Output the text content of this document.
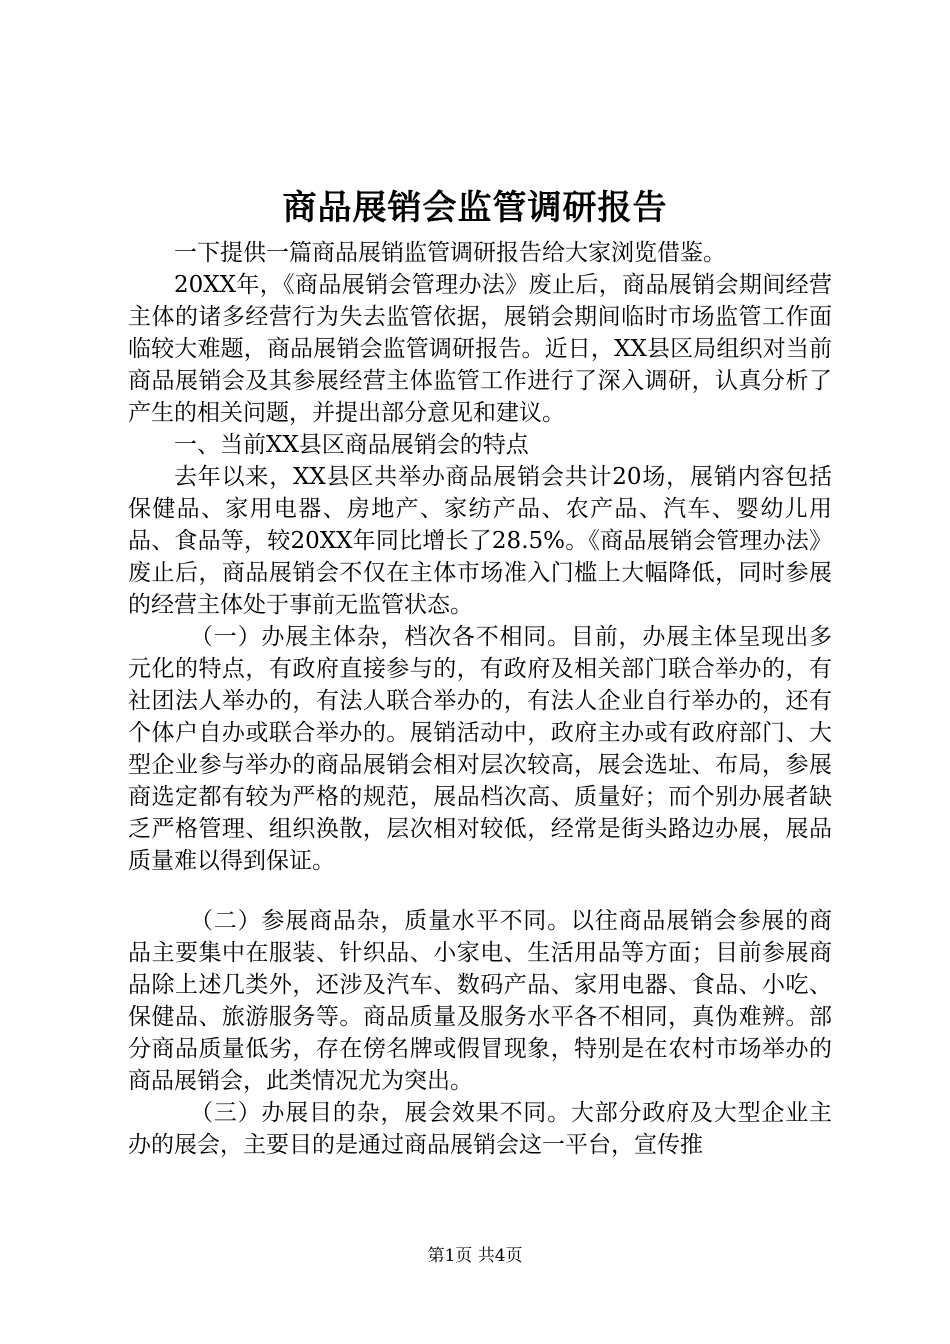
商品展销会监管调研报告

一下提供一篇商品展销监管调研报告给大家浏览借鉴。

20XX年，《商品展销会管理办法》废止后，商品展销会期间经营主体的诸多经营行为失去监管依据，展销会期间临时市场监管工作面临较大难题，商品展销会监管调研报告。近日，XX县区局组织对当前商品展销会及其参展经营主体监管工作进行了深入调研，认真分析了产生的相关问题，并提出部分意见和建议。

一、当前XX县区商品展销会的特点

去年以来，XX县区共举办商品展销会共计20场，展销内容包括保健品、家用电器、房地产、家纺产品、农产品、汽车、婴幼儿用品、食品等，较20XX年同比增长了28.5%。《商品展销会管理办法》废止后，商品展销会不仅在主体市场准入门槛上大幅降低，同时参展的经营主体处于事前无监管状态。

（一）办展主体杂，档次各不相同。目前，办展主体呈现出多元化的特点，有政府直接参与的，有政府及相关部门联合举办的，有社团法人举办的，有法人联合举办的，有法人企业自行举办的，还有个体户自办或联合举办的。展销活动中，政府主办或有政府部门、大型企业参与举办的商品展销会相对层次较高，展会选址、布局，参展商选定都有较为严格的规范，展品档次高、质量好；而个别办展者缺乏严格管理、组织涣散，层次相对较低，经常是街头路边办展，展品质量难以得到保证。

（二）参展商品杂，质量水平不同。以往商品展销会参展的商品主要集中在服装、针织品、小家电、生活用品等方面；目前参展商品除上述几类外，还涉及汽车、数码产品、家用电器、食品、小吃、保健品、旅游服务等。商品质量及服务水平各不相同，真伪难辨。部分商品质量低劣，存在傍名牌或假冒现象，特别是在农村市场举办的商品展销会，此类情况尤为突出。

（三）办展目的杂，展会效果不同。大部分政府及大型企业主办的展会，主要目的是通过商品展销会这一平台，宣传推

第1页 共4页
